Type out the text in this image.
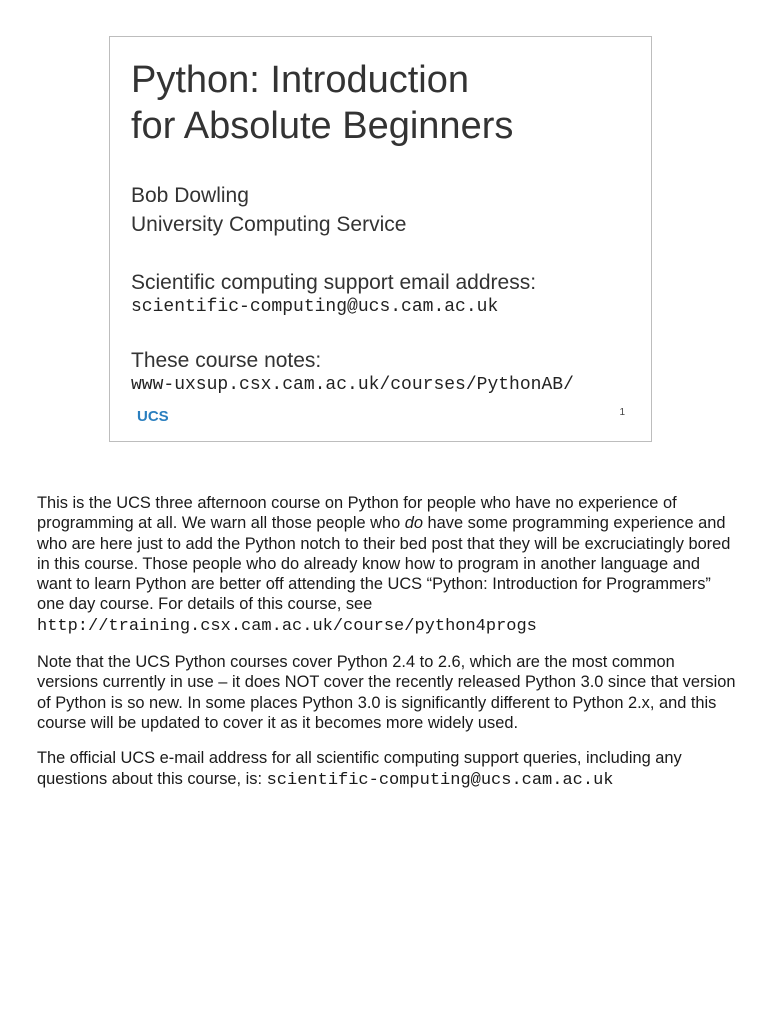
Python: Introduction
for Absolute Beginners
Bob Dowling
University Computing Service
Scientific computing support email address:
scientific-computing@ucs.cam.ac.uk
These course notes:
www-uxsup.csx.cam.ac.uk/courses/PythonAB/
UCS	1

This is the UCS three afternoon course on Python for people who have no experience of programming at all. We warn all those people who do have some programming experience and who are here just to add the Python notch to their bed post that they will be excruciatingly bored in this course. Those people who do already know how to program in another language and want to learn Python are better off attending the UCS “Python: Introduction for Programmers” one day course. For details of this course, see http://training.csx.cam.ac.uk/course/python4progs

Note that the UCS Python courses cover Python 2.4 to 2.6, which are the most common versions currently in use – it does NOT cover the recently released Python 3.0 since that version of Python is so new. In some places Python 3.0 is significantly different to Python 2.x, and this course will be updated to cover it as it becomes more widely used.

The official UCS e-mail address for all scientific computing support queries, including any questions about this course, is: scientific-computing@ucs.cam.ac.uk
